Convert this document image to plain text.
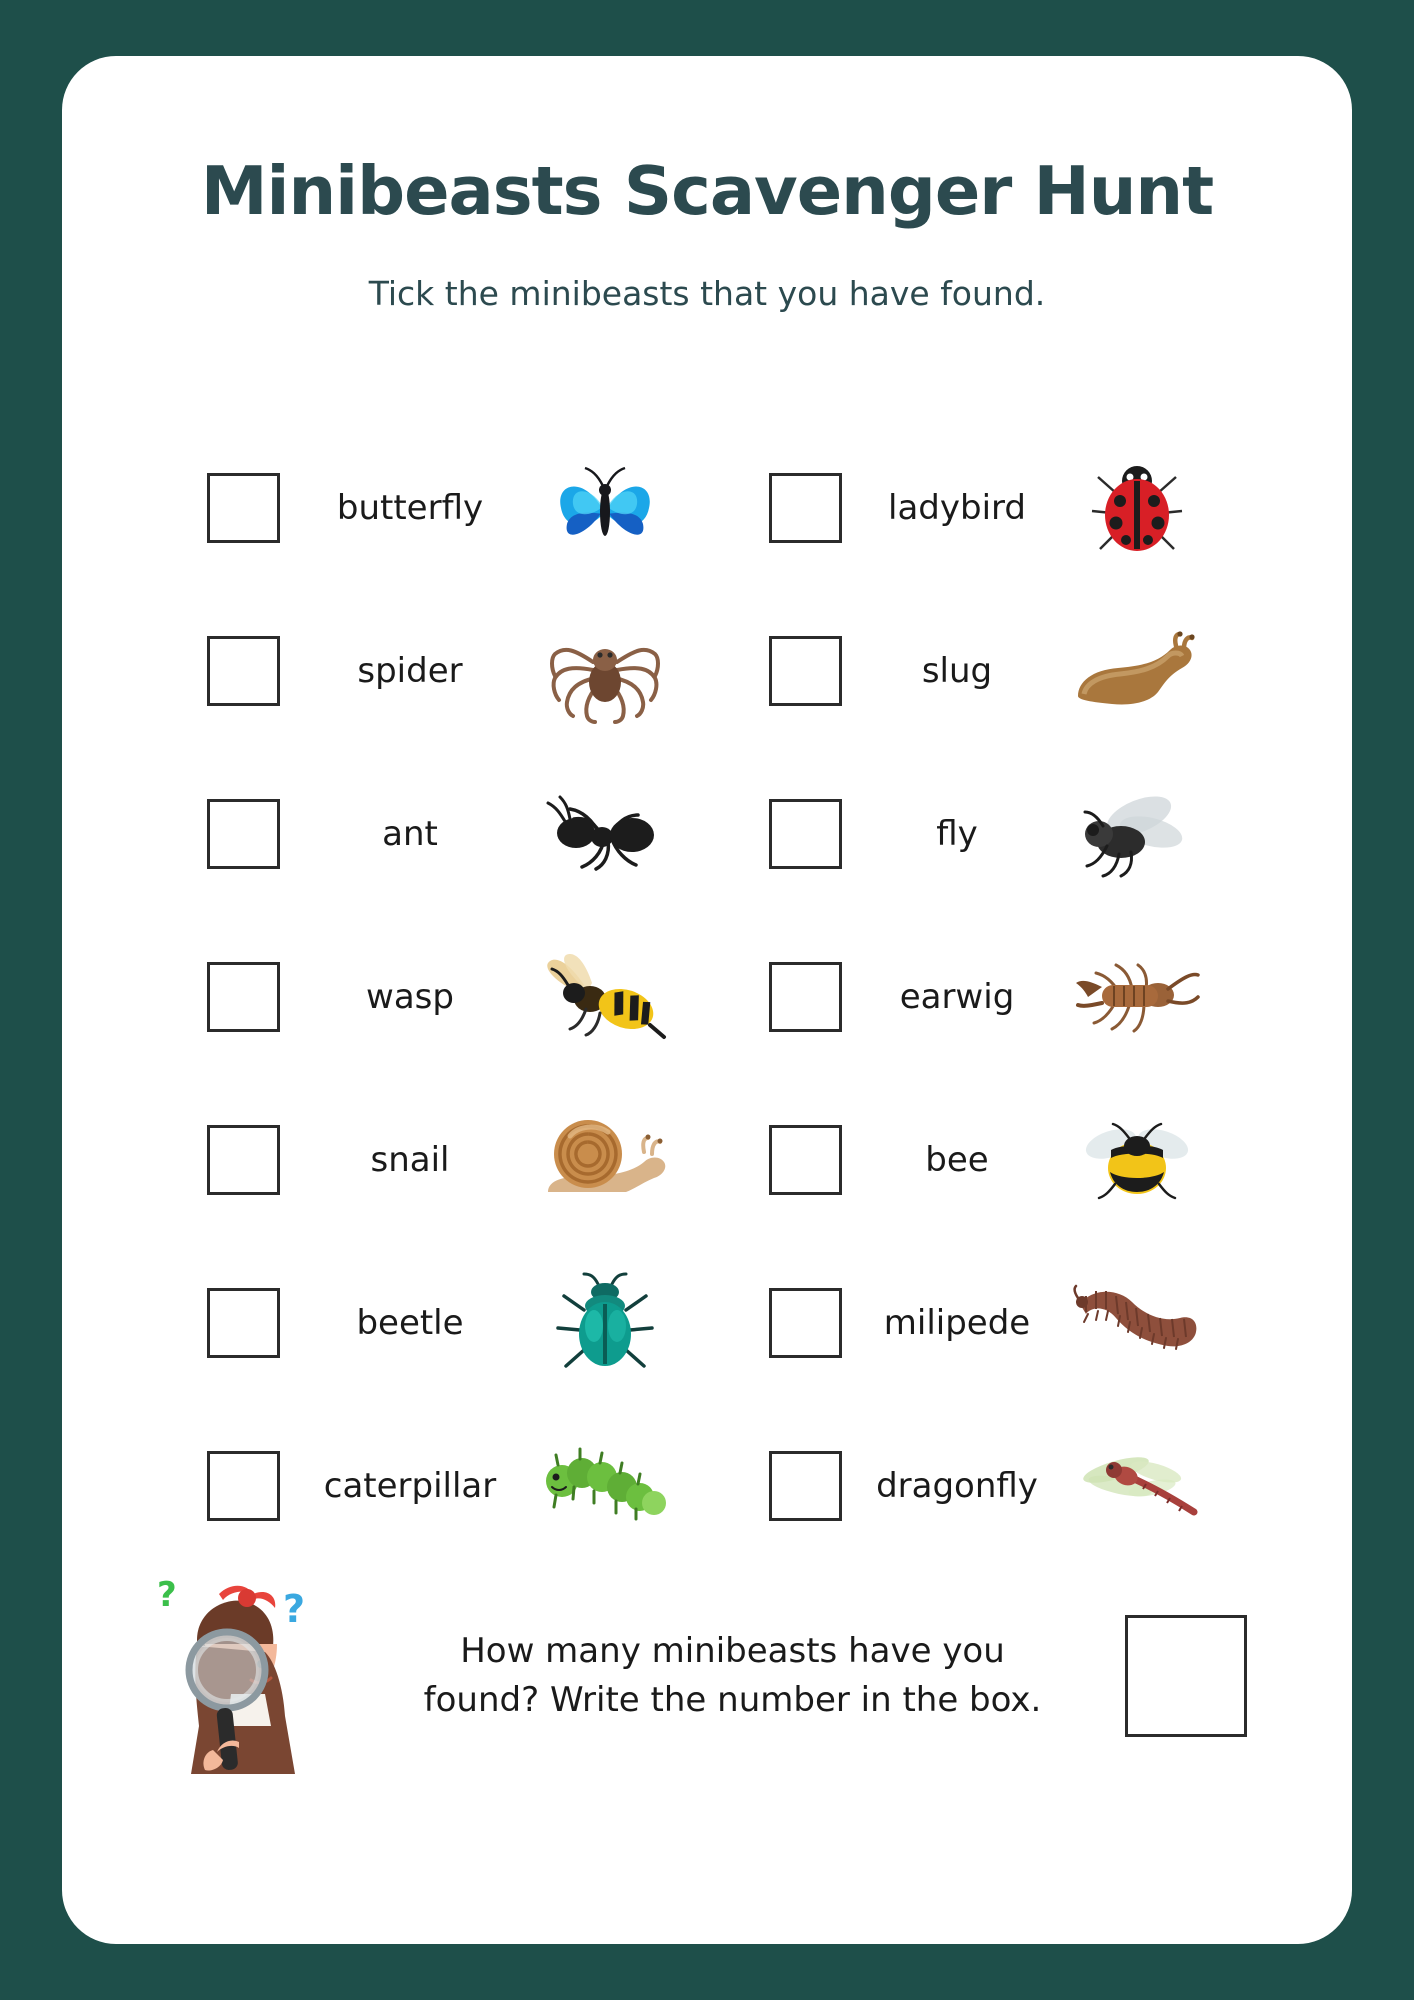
Minibeasts Scavenger Hunt

Tick the minibeasts that you have found.

butterfly	ladybird
spider	slug
ant	fly
wasp	earwig
snail	bee
beetle	milipede
caterpillar	dragonfly
?	?
How many minibeasts have you
found? Write the number in the box.
